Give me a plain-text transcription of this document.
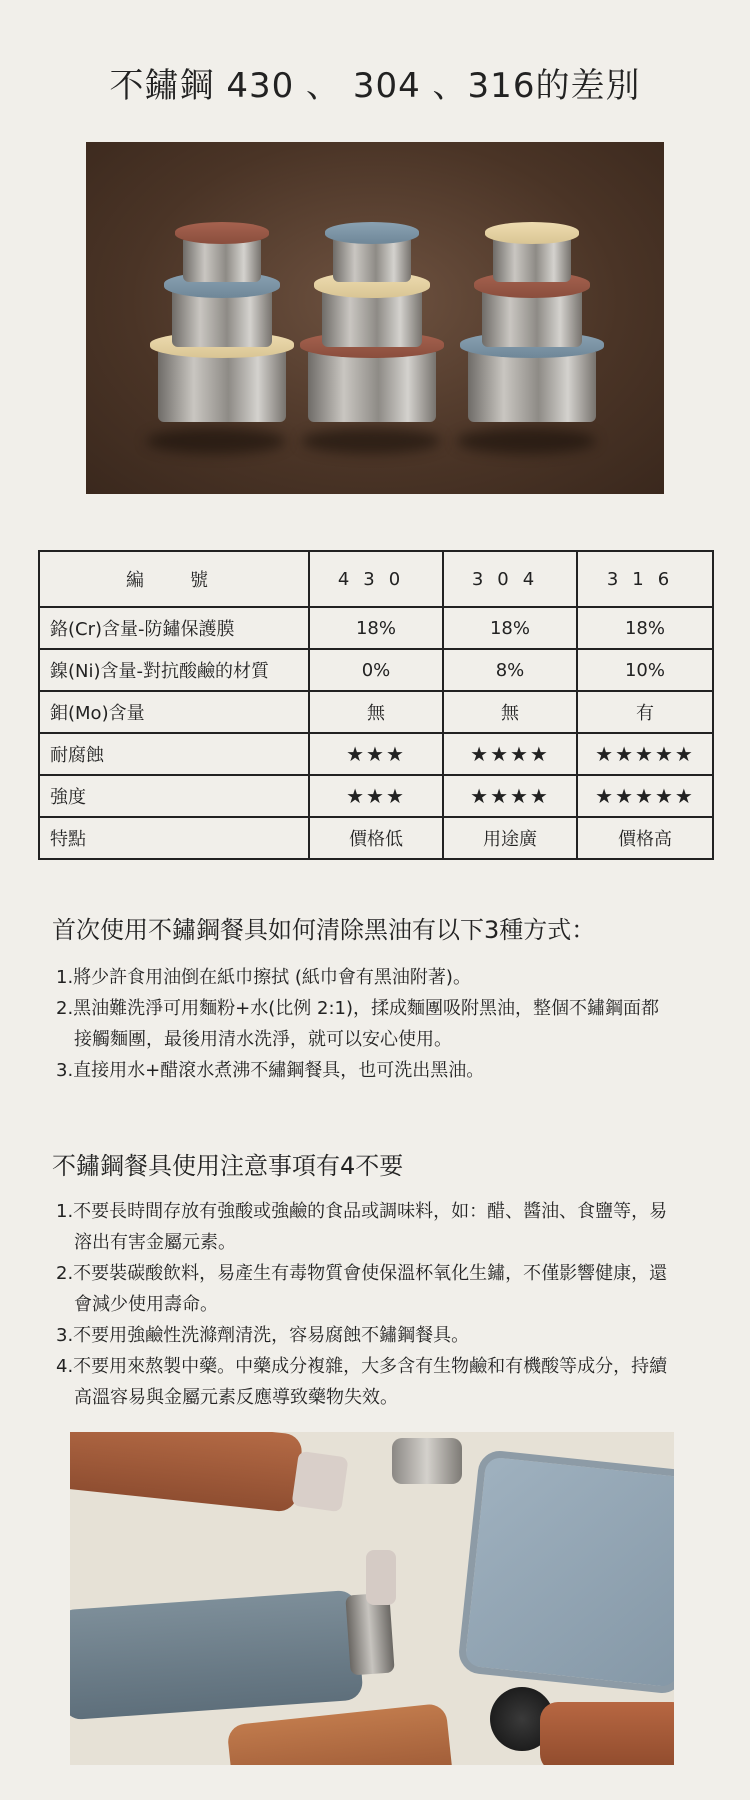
不鏽鋼 430 、 304 、316的差別
編　號	430	304	316
鉻(Cr)含量-防鏽保護膜	18%	18%	18%
鎳(Ni)含量-對抗酸鹼的材質	0%	8%	10%
鉬(Mo)含量	無	無	有
耐腐蝕	★★★	★★★★	★★★★★
強度	★★★	★★★★	★★★★★
特點	價格低	用途廣	價格高
首次使用不鏽鋼餐具如何清除黑油有以下3種方式：
1.將少許食用油倒在紙巾擦拭 (紙巾會有黑油附著)。
2.黑油難洗淨可用麵粉+水(比例 2:1)，揉成麵團吸附黑油，整個不鏽鋼面都接觸麵團，最後用清水洗淨，就可以安心使用。
3.直接用水+醋滾水煮沸不繡鋼餐具，也可洗出黑油。
不鏽鋼餐具使用注意事項有4不要
1.不要長時間存放有強酸或強鹼的食品或調味料，如：醋、醬油、食鹽等，易溶出有害金屬元素。
2.不要裝碳酸飲料，易產生有毒物質會使保溫杯氧化生鏽，不僅影響健康，還會減少使用壽命。
3.不要用強鹼性洗滌劑清洗，容易腐蝕不鏽鋼餐具。
4.不要用來熬製中藥。中藥成分複雜，大多含有生物鹼和有機酸等成分，持續高溫容易與金屬元素反應導致藥物失效。
